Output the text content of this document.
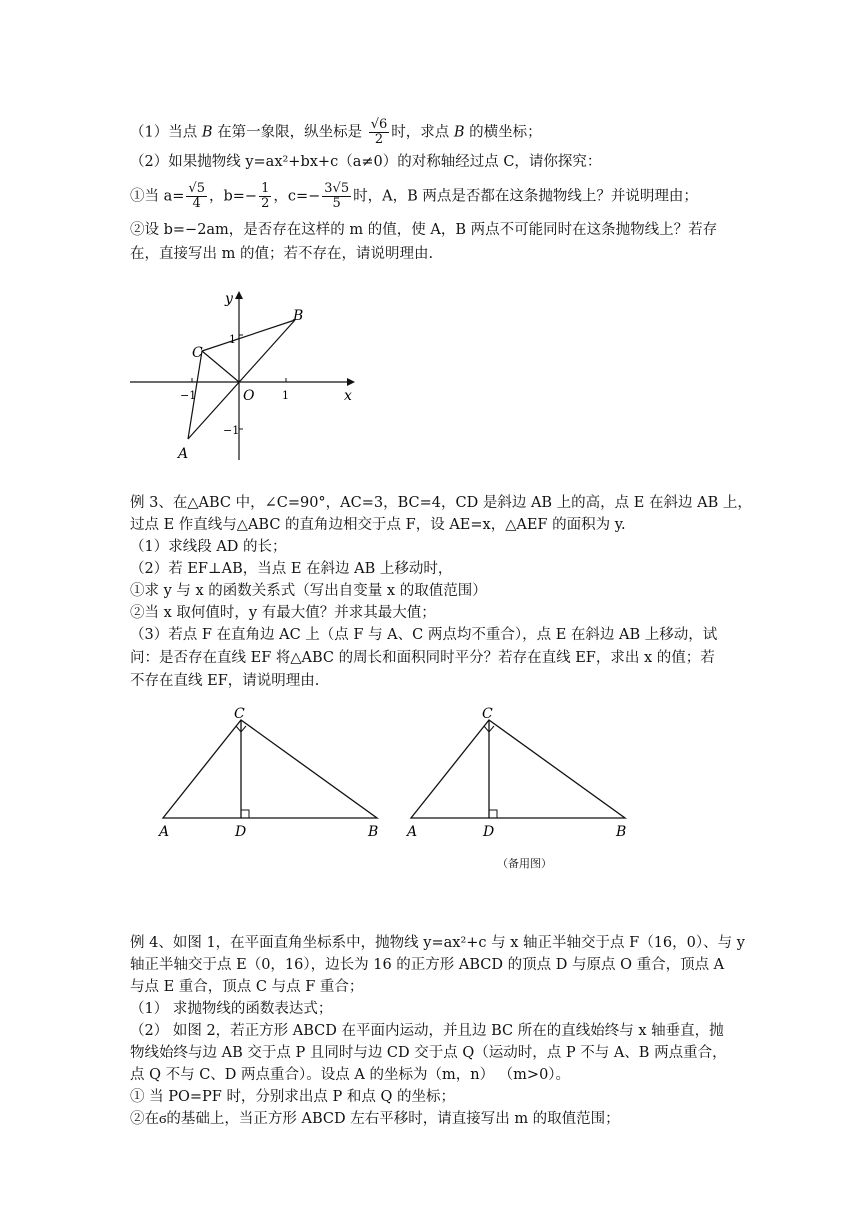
（1）当点 B 在第一象限，纵坐标是 $\frac{√6}{2}$ 时，求点 B 的横坐标；
（2）如果抛物线 y=ax²+bx+c（a≠0）的对称轴经过点 C，请你探究：
①当 $a= \frac{√5}{4}$ ，$b=- \frac{1}{2}$ ，$c=- \frac{3√5}{5}$ 时，A，B 两点是否都在这条抛物线上？并说明理由；
②设 b=−2am，是否存在这样的 m 的值，使 A，B 两点不可能同时在这条抛物线上？若存
在，直接写出 m 的值；若不存在，请说明理由.
y
x
O
B
C
A
1
−1
1
−1
例 3、在△ABC 中，∠C=90°，AC=3，BC=4，CD 是斜边 AB 上的高，点 E 在斜边 AB 上，
过点 E 作直线与△ABC 的直角边相交于点 F，设 AE=x，△AEF 的面积为 y.
（1）求线段 AD 的长；
（2）若 EF⊥AB，当点 E 在斜边 AB 上移动时，
①求 y 与 x 的函数关系式（写出自变量 x 的取值范围）
②当 x 取何值时，y 有最大值？并求其最大值；
（3）若点 F 在直角边 AC 上（点 F 与 A、C 两点均不重合），点 E 在斜边 AB 上移动，试
问：是否存在直线 EF 将△ABC 的周长和面积同时平分？若存在直线 EF，求出 x 的值；若
不存在直线 EF，请说明理由.
C
A	D	B
C
A	D	B
（备用图）
例 4、如图 1，在平面直角坐标系中，抛物线 y=ax²+c 与 x 轴正半轴交于点 F（16，0）、与 y
轴正半轴交于点 E（0，16），边长为 16 的正方形 ABCD 的顶点 D 与原点 O 重合，顶点 A
与点 E 重合，顶点 C 与点 F 重合；
（1） 求抛物线的函数表达式；
（2） 如图 2，若正方形 ABCD 在平面内运动，并且边 BC 所在的直线始终与 x 轴垂直，抛
物线始终与边 AB 交于点 P 且同时与边 CD 交于点 Q（运动时，点 P 不与 A、B 两点重合，
点 Q 不与 C、D 两点重合）。设点 A 的坐标为（m，n） （m>0）。
① 当 PO=PF 时，分别求出点 P 和点 Q 的坐标；
②在ϭ的基础上，当正方形 ABCD 左右平移时，请直接写出 m 的取值范围；
